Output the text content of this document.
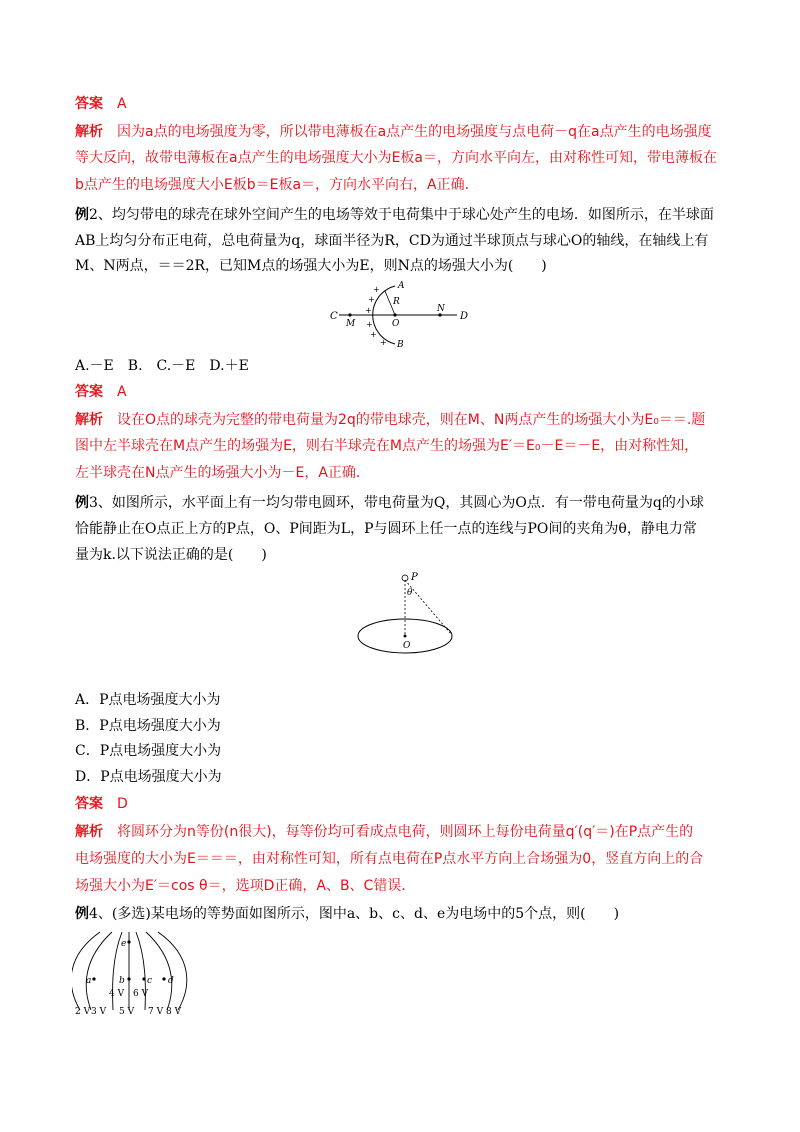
答案　 A
解析　 因为a点的电场强度为零，所以带电薄板在a点产生的电场强度与点电荷－q在a点产生的电场强度
等大反向，故带电薄板在a点产生的电场强度大小为E板a＝，方向水平向左，由对称性可知，带电薄板在
b点产生的电场强度大小E板b＝E板a＝，方向水平向右，A正确．
例2、均匀带电的球壳在球外空间产生的电场等效于电荷集中于球心处产生的电场．如图所示，在半球面
AB上均匀分布正电荷，总电荷量为q，球面半径为R，CD为通过半球顶点与球心O的轴线，在轴线上有
M、N两点，＝＝2R，已知M点的场强大小为E，则N点的场强大小为(　　)
C
M	O
N
D
A
R
B
+
+
+
+
+
+
A.－E　B.　C.－E　D.＋E
答案　 A
解析　 设在O点的球壳为完整的带电荷量为2q的带电球壳，则在M、N两点产生的场强大小为E₀＝＝.题
图中左半球壳在M点产生的场强为E，则右半球壳在M点产生的场强为E′＝E₀－E＝－E，由对称性知，
左半球壳在N点产生的场强大小为－E，A正确．
例3、如图所示，水平面上有一均匀带电圆环，带电荷量为Q，其圆心为O点．有一带电荷量为q的小球
恰能静止在O点正上方的P点，O、P间距为L，P与圆环上任一点的连线与PO间的夹角为θ，静电力常
量为k.以下说法正确的是(　　)
P
θ
O
A．P点电场强度大小为
B．P点电场强度大小为
C．P点电场强度大小为
D．P点电场强度大小为
答案　 D
解析　 将圆环分为n等份(n很大)，每等份均可看成点电荷，则圆环上每份电荷量q′(q′＝)在P点产生的
电场强度的大小为E＝＝＝，由对称性可知，所有点电荷在P点水平方向上合场强为0，竖直方向上的合
场强大小为E′＝cos θ＝，选项D正确，A、B、C错误．
例4、(多选)某电场的等势面如图所示，图中a、b、c、d、e为电场中的5个点，则(　　)
e
a	b c d
4 V 6 V
2 V 3 V 5 V 7 V 8 V
